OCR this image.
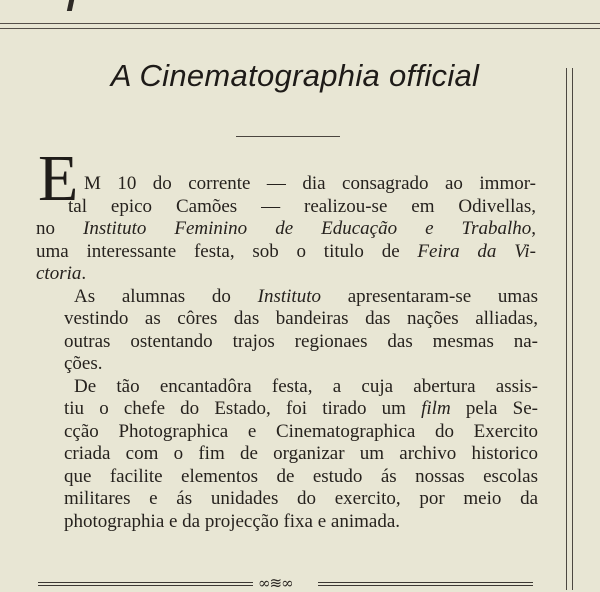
A Cinematographia official
E M 10 do corrente — dia consagrado ao immor-
tal epico Camões — realizou-se em Odivellas,
no Instituto Feminino de Educação e Trabalho,
uma interessante festa, sob o titulo de Feira da Vi-
ctoria.
As alumnas do Instituto apresentaram-se umas
vestindo as côres das bandeiras das nações alliadas,
outras ostentando trajos regionaes das mesmas na-
ções.
De tão encantadôra festa, a cuja abertura assis-
tiu o chefe do Estado, foi tirado um film pela Se-
cção Photographica e Cinematographica do Exercito
criada com o fim de organizar um archivo historico
que facilite elementos de estudo ás nossas escolas
militares e ás unidades do exercito, por meio da
photographia e da projecção fixa e animada.
∞≋∞
